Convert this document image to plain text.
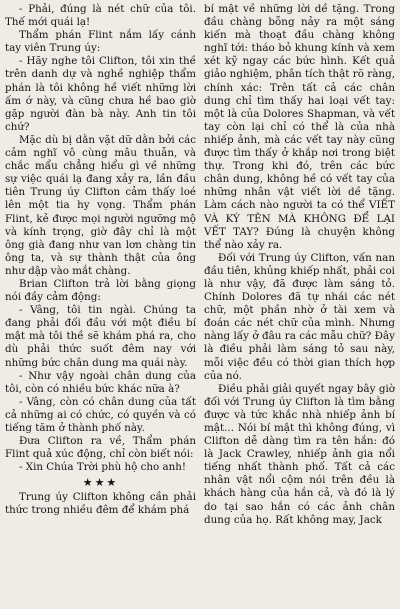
- Phải, đúng là nét chữ của tôi. Thế mới quái lạ!

Thẩm phán Flint nắm lấy cánh tay viên Trung úy:

- Hãy nghe tôi Clifton, tôi xin thề trên danh dự và nghề nghiệp thẩm phán là tôi không hề viết những lời ấm ớ này, và cũng chưa hề bao giờ gặp người đàn bà này. Anh tin tôi chứ?

Mặc dù bị dằn vặt dữ dằn bởi các cảm nghĩ vô cùng mâu thuẫn, và chắc mẩu chẳng hiểu gì về những sự việc quái lạ đang xảy ra, lần đầu tiên Trung úy Clifton cảm thấy loé lên một tia hy vọng. Thẩm phán Flint, kẻ được mọi người ngưỡng mộ và kính trọng, giờ đây chỉ là một ông già đang như van lơn chàng tin ông ta, và sự thành thật của ông như dập vào mắt chàng.

Brian Clifton trả lời bằng giọng nói đầy cảm động:

- Vâng, tôi tin ngài. Chúng ta đang phải đối đầu với một điều bí mật mà tôi thề sẽ khám phá ra, cho dù phải thức suốt đêm nay với những bức chân dung ma quái này.

- Như vậy ngoài chân dung của tôi, còn có nhiều bức khác nữa à?

- Vâng, còn có chân dung của tất cả những ai có chức, có quyền và có tiếng tăm ở thành phố này.

Đưa Clifton ra về, Thẩm phán Flint quả xúc động, chỉ còn biết nói:

- Xin Chúa Trời phù hộ cho anh!

★★★

Trung úy Clifton không cần phải thức trong nhiều đêm để khám phá

bí mật về những lời dề tặng. Trong đầu chàng bỗng nảy ra một sáng kiến mà thoạt đầu chàng không nghĩ tới: tháo bỏ khung kính và xem xét kỹ ngay các bức hình. Kết quả giảo nghiệm, phân tích thật rõ ràng, chính xác: Trên tất cả các chân dung chỉ tìm thấy hai loại vết tay: một là của Dolores Shapman, và vết tay còn lại chỉ có thể là của nhà nhiếp ảnh, mà các vết tay này cũng được tìm thấy ở khắp nơi trong biệt thự. Trong khi đó, trên các bức chân dung, không hề có vết tay của những nhân vật viết lời dề tặng. Làm cách nào người ta có thể VIẾT VÀ KÝ TÊN MÀ KHÔNG ĐỂ LẠI VẾT TAY? Đúng là chuyện không thể nào xảy ra.

Đối với Trung úy Clifton, vấn nan đầu tiên, khủng khiếp nhất, phải coi là như vậy, đã được làm sáng tỏ. Chính Dolores đã tự nhái các nét chữ, một phần nhờ ở tài xem và đoán các nét chữ của mình. Nhưng nàng lấy ở đâu ra các mẫu chữ? Đây là điều phải làm sáng tỏ sau này, mỗi việc đều có thời gian thích hợp của nó.

Điều phải giải quyết ngay bây giờ đối với Trung úy Clifton là tìm bằng được và tức khắc nhà nhiếp ảnh bí mật... Nói bí mật thì không đúng, vì Clifton dễ dàng tìm ra tên hắn: đó là Jack Crawley, nhiếp ảnh gia nổi tiếng nhất thành phố. Tất cả các nhân vật nổi cộm nói trên đều là khách hàng của hắn cả, và đó là lý do tại sao hắn có các ảnh chân dung của họ. Rất không may, Jack
